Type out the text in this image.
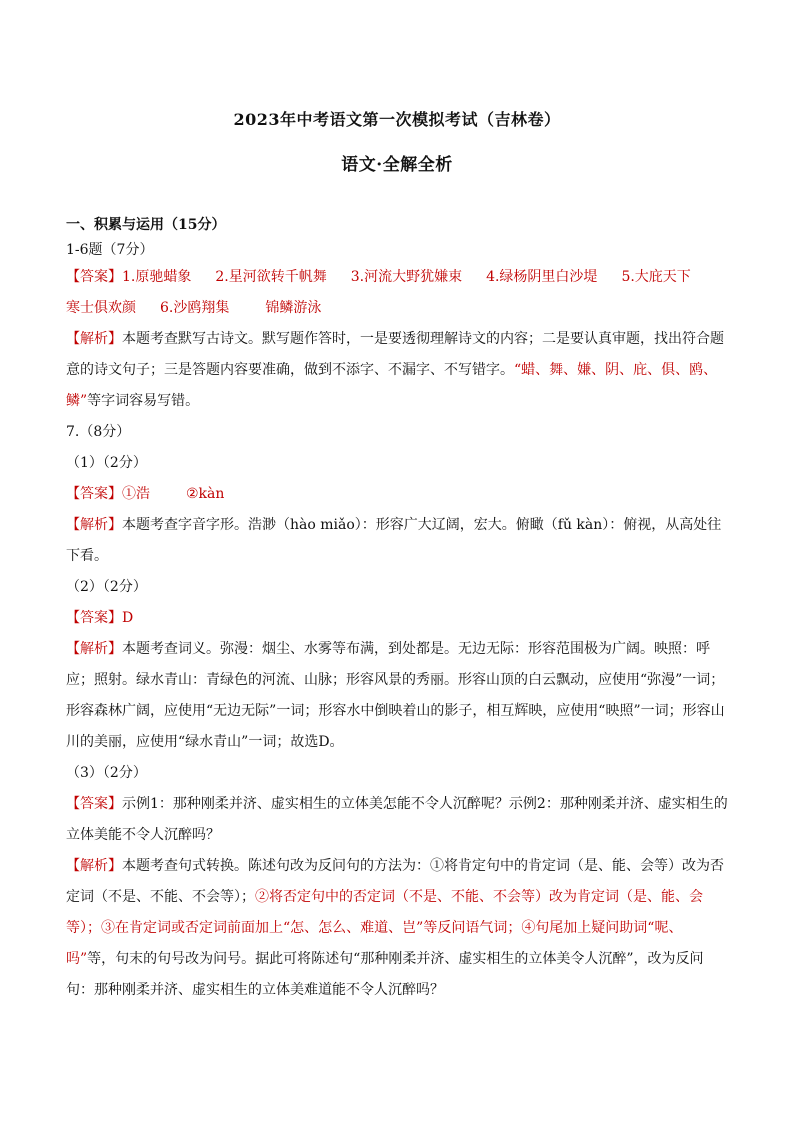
2023年中考语文第一次模拟考试（吉林卷）
语文·全解全析

一、积累与运用（15分）

1-6题（7分）

【答案】1.原驰蜡象 2.星河欲转千帆舞 3.河流大野犹嫌束 4.绿杨阴里白沙堤 5.大庇天下
寒士俱欢颜 6.沙鸥翔集	锦鳞游泳

【解析】本题考查默写古诗文。默写题作答时，一是要透彻理解诗文的内容；二是要认真审题，找出符合题意的诗文句子；三是答题内容要准确，做到不添字、不漏字、不写错字。“蜡、舞、嫌、阴、庇、俱、鸥、鳞”等字词容易写错。

7.（8分）

（1）（2分）

【答案】①浩	②kàn

【解析】本题考查字音字形。浩渺（hào miǎo）：形容广大辽阔，宏大。俯瞰（fǔ kàn）：俯视，从高处往下看。

（2）（2分）

【答案】D

【解析】本题考查词义。弥漫：烟尘、水雾等布满，到处都是。无边无际：形容范围极为广阔。映照：呼应；照射。绿水青山：青绿色的河流、山脉；形容风景的秀丽。形容山顶的白云飘动，应使用“弥漫”一词；形容森林广阔，应使用“无边无际”一词；形容水中倒映着山的影子，相互辉映，应使用“映照”一词；形容山川的美丽，应使用“绿水青山”一词；故选D。

（3）（2分）

【答案】示例1：那种刚柔并济、虚实相生的立体美怎能不令人沉醉呢？示例2：那种刚柔并济、虚实相生的立体美能不令人沉醉吗？

【解析】本题考查句式转换。陈述句改为反问句的方法为：①将肯定句中的肯定词（是、能、会等）改为否定词（不是、不能、不会等）；②将否定句中的否定词（不是、不能、不会等）改为肯定词（是、能、会等）；③在肯定词或否定词前面加上“怎、怎么、难道、岂”等反问语气词；④句尾加上疑问助词“呢、吗”等，句末的句号改为问号。据此可将陈述句“那种刚柔并济、虚实相生的立体美令人沉醉”，改为反问句：那种刚柔并济、虚实相生的立体美难道能不令人沉醉吗？
